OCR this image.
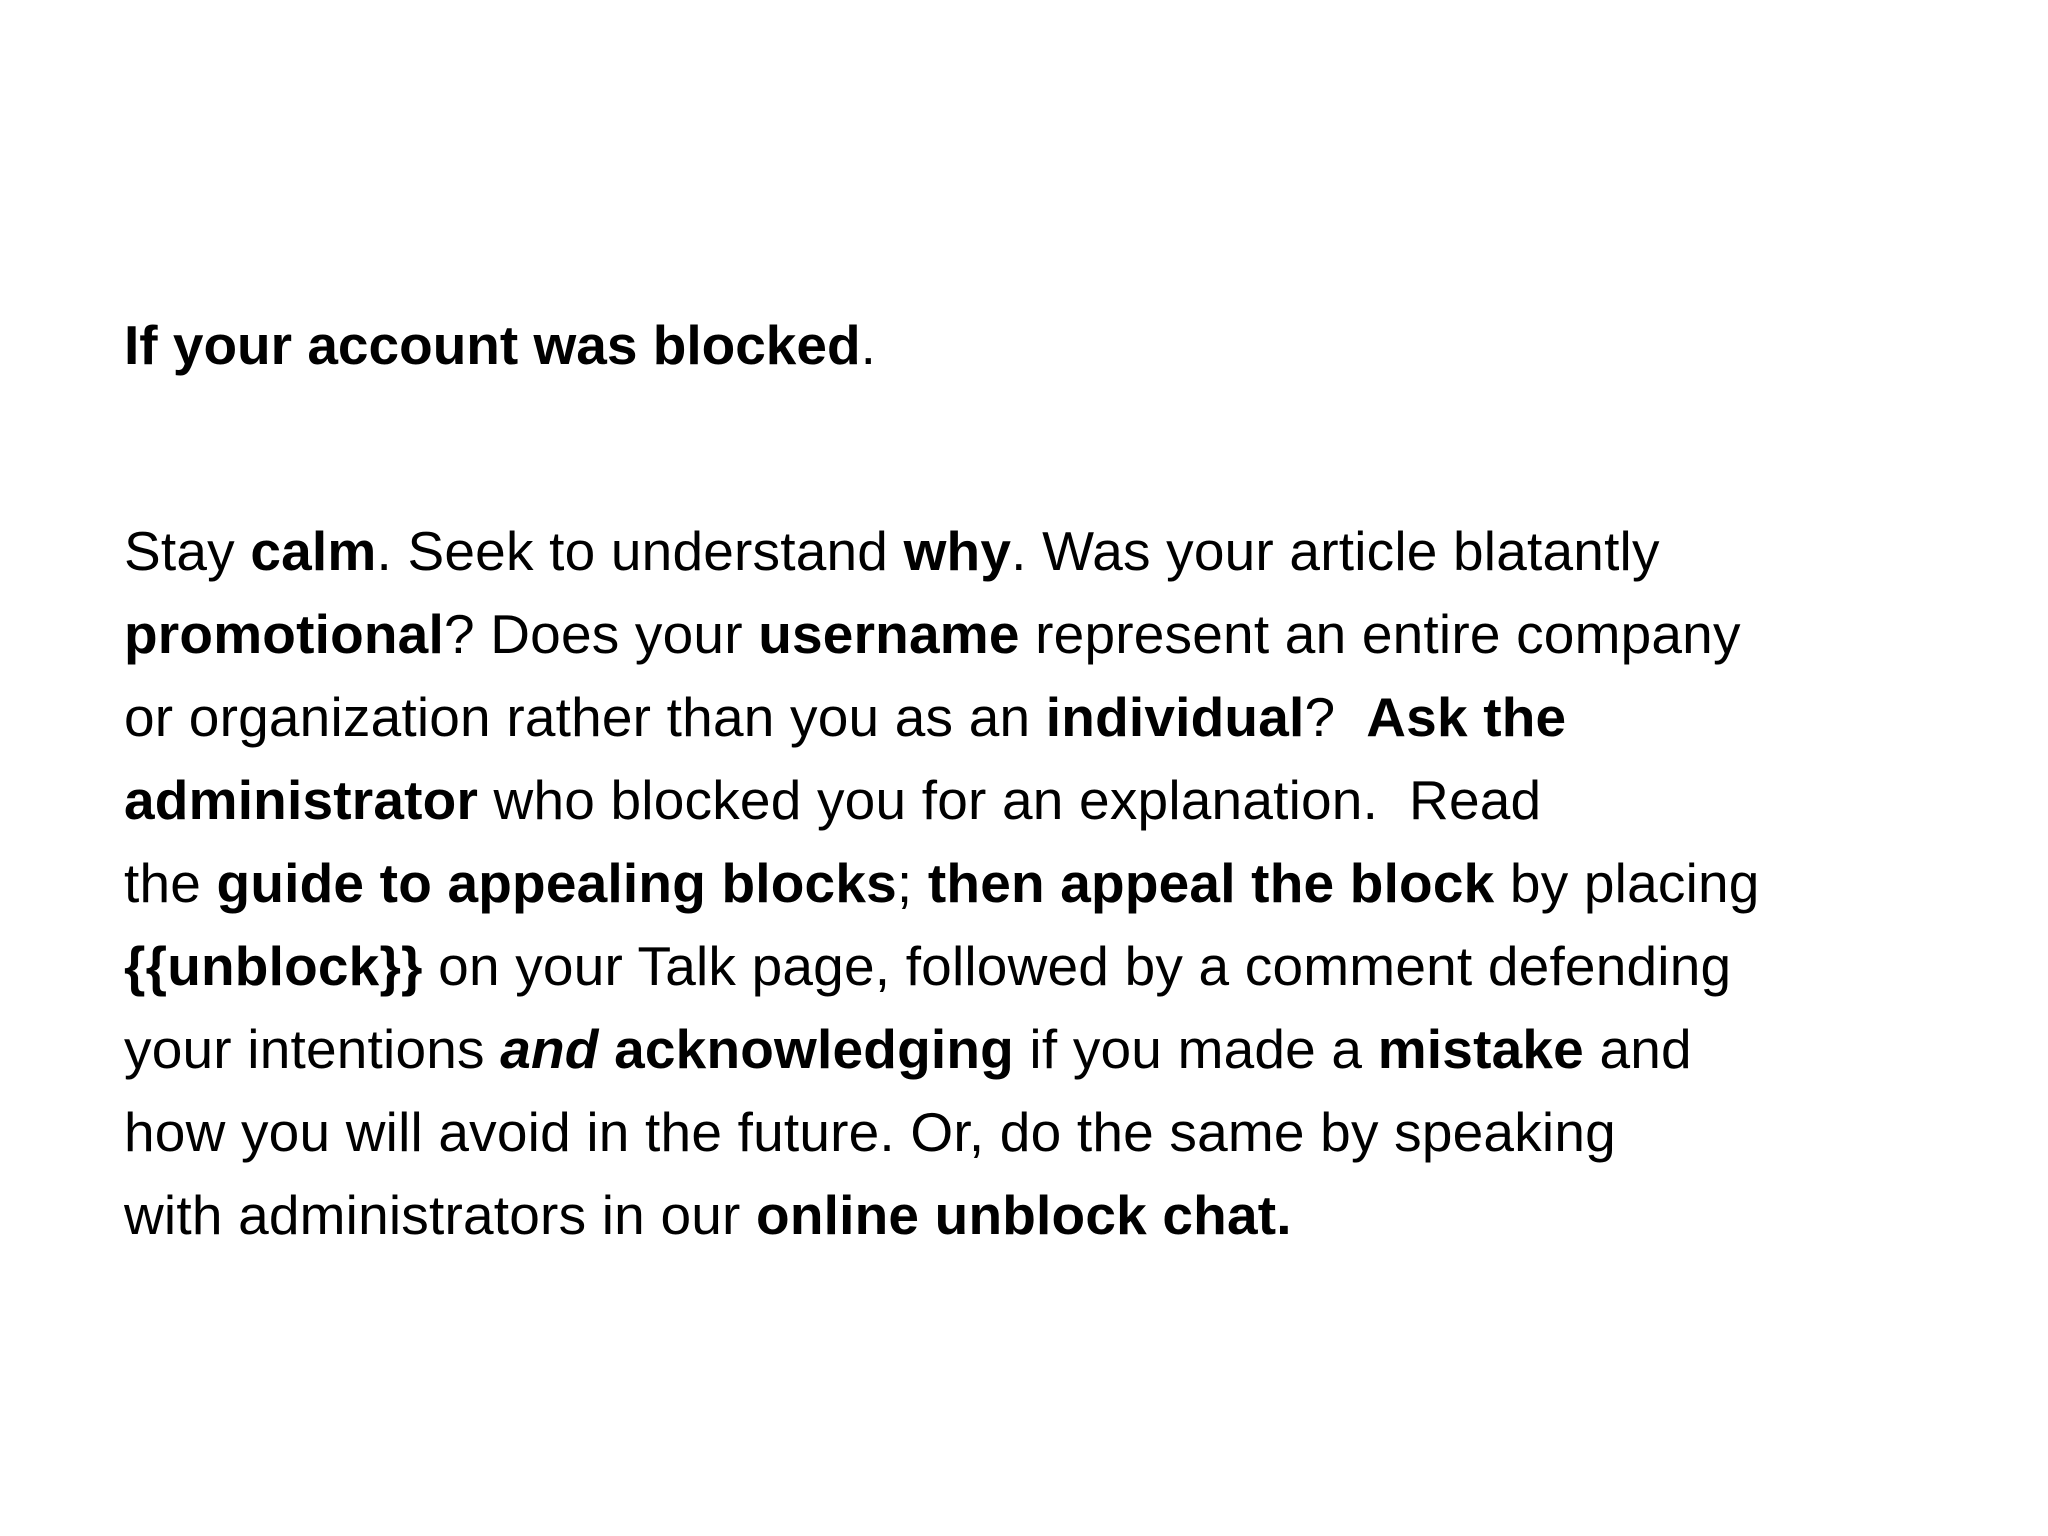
If your account was blocked.
Stay calm. Seek to understand why. Was your article blatantly
promotional? Does your username represent an entire company
or organization rather than you as an individual?  Ask the
administrator who blocked you for an explanation.  Read
the guide to appealing blocks; then appeal the block by placing
{{unblock}} on your Talk page, followed by a comment defending
your intentions and acknowledging if you made a mistake and
how you will avoid in the future. Or, do the same by speaking
with administrators in our online unblock chat.
